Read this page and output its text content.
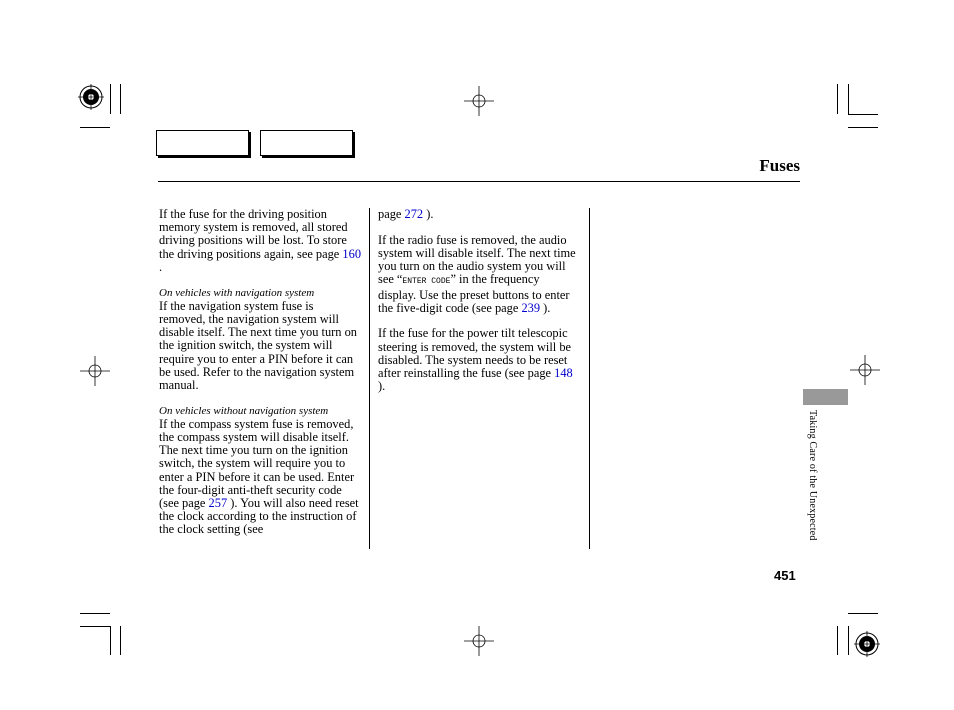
Fuses

If the fuse for the driving position memory system is removed, all stored driving positions will be lost. To store the driving positions again, see page 160 .

On vehicles with navigation system
If the navigation system fuse is removed, the navigation system will disable itself. The next time you turn on the ignition switch, the system will require you to enter a PIN before it can be used. Refer to the navigation system manual.

On vehicles without navigation system
If the compass system fuse is removed, the compass system will disable itself. The next time you turn on the ignition switch, the system will require you to enter a PIN before it can be used. Enter the four-digit anti-theft security code (see page 257 ). You will also need reset the clock according to the instruction of the clock setting (see

page 272 ).

If the radio fuse is removed, the audio system will disable itself. The next time you turn on the audio system you will see “ENTER CODE” in the frequency display. Use the preset buttons to enter the five-digit code (see page 239 ).

If the fuse for the power tilt telescopic steering is removed, the system will be disabled. The system needs to be reset after reinstalling the fuse (see page 148 ).

Taking Care of the Unexpected
451
